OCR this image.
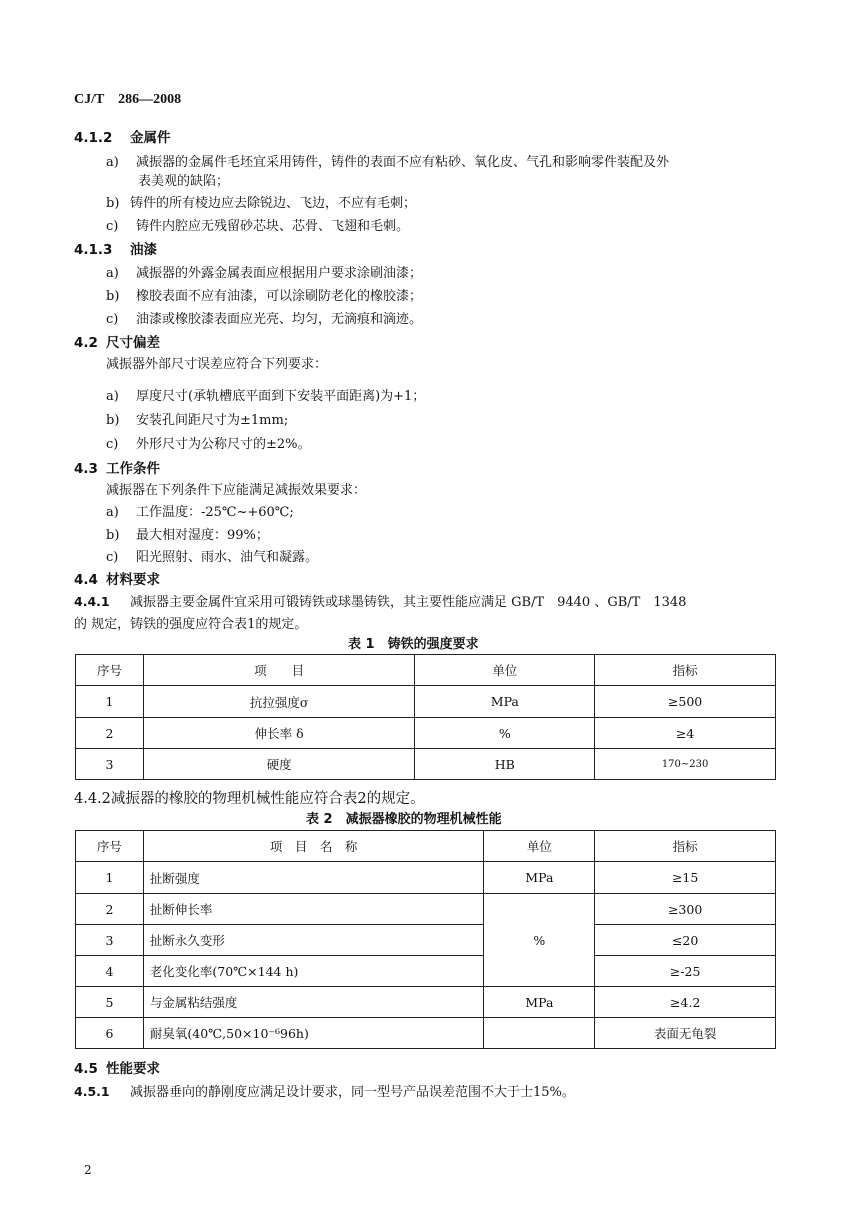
CJ/T　286—2008
4.1.2 金属件
a) 减振器的金属件毛坯宜采用铸件，铸件的表面不应有粘砂、氧化皮、气孔和影响零件装配及外
表美观的缺陷；
b) 铸件的所有棱边应去除锐边、飞边，不应有毛刺；
c) 铸件内腔应无残留砂芯块、芯骨、飞翅和毛刺。
4.1.3 油漆
a) 减振器的外露金属表面应根据用户要求涂刷油漆；
b) 橡胶表面不应有油漆，可以涂刷防老化的橡胶漆；
c) 油漆或橡胶漆表面应光亮、均匀，无滴痕和滴迹。
4.2 尺寸偏差
减振器外部尺寸误差应符合下列要求：
a) 厚度尺寸(承轨槽底平面到下安装平面距离)为+1；
b) 安装孔间距尺寸为±1mm;
c) 外形尺寸为公称尺寸的±2%。
4.3 工作条件
减振器在下列条件下应能满足减振效果要求：
a) 工作温度：-25℃~+60℃;
b) 最大相对湿度：99%；
c) 阳光照射、雨水、油气和凝露。
4.4 材料要求
4.4.1 减振器主要金属件宜采用可锻铸铁或球墨铸铁，其主要性能应满足 GB/T　9440 、GB/T　1348
的 规定，铸铁的强度应符合表1的规定。
表 1　铸铁的强度要求
序号	项　　目	单位	指标
1	抗拉强度σ	MPa	≥500
2	伸长率 δ	%	≥4
3	硬度	HB	170~230
4.4.2减振器的橡胶的物理机械性能应符合表2的规定。
表 2　减振器橡胶的物理机械性能
序号	项　目　名　称	单位	指标
1	扯断强度	MPa	≥15
2	扯断伸长率	%	≥300
3	扯断永久变形		≤20
4	老化变化率(70℃×144 h)		≥-25
5	与金属粘结强度	MPa	≥4.2
6	耐臭氧(40℃,50×10⁻⁶96h)		表面无龟裂
4.5 性能要求
4.5.1 减振器垂向的静刚度应满足设计要求，同一型号产品误差范围不大于士15%。
2
